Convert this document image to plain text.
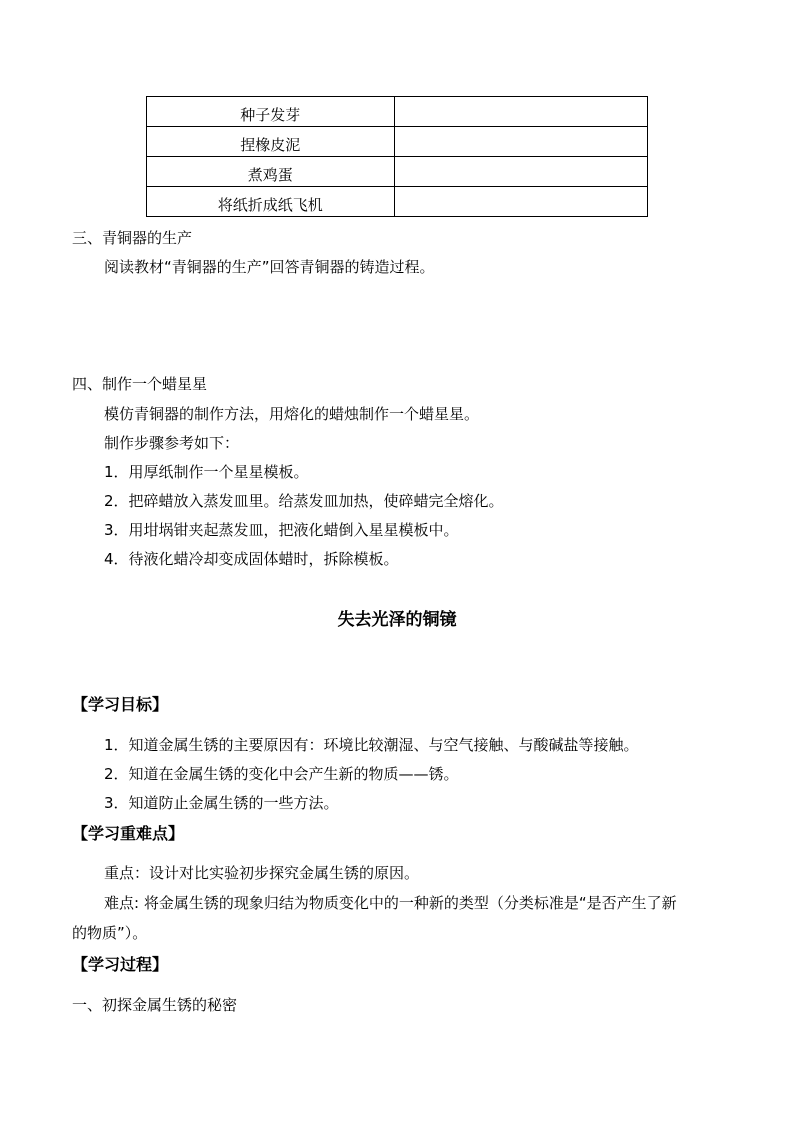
种子发芽	
捏橡皮泥	
煮鸡蛋	
将纸折成纸飞机	
三、青铜器的生产
阅读教材“青铜器的生产”回答青铜器的铸造过程。
四、制作一个蜡星星
模仿青铜器的制作方法，用熔化的蜡烛制作一个蜡星星。
制作步骤参考如下：
1．用厚纸制作一个星星模板。
2．把碎蜡放入蒸发皿里。给蒸发皿加热，使碎蜡完全熔化。
3．用坩埚钳夹起蒸发皿，把液化蜡倒入星星模板中。
4．待液化蜡冷却变成固体蜡时，拆除模板。
失去光泽的铜镜
【学习目标】
1．知道金属生锈的主要原因有：环境比较潮湿、与空气接触、与酸碱盐等接触。
2．知道在金属生锈的变化中会产生新的物质——锈。
3．知道防止金属生锈的一些方法。
【学习重难点】
重点：设计对比实验初步探究金属生锈的原因。
难点: 将金属生锈的现象归结为物质变化中的一种新的类型（分类标准是“是否产生了新
的物质”）。
【学习过程】
一、初探金属生锈的秘密
